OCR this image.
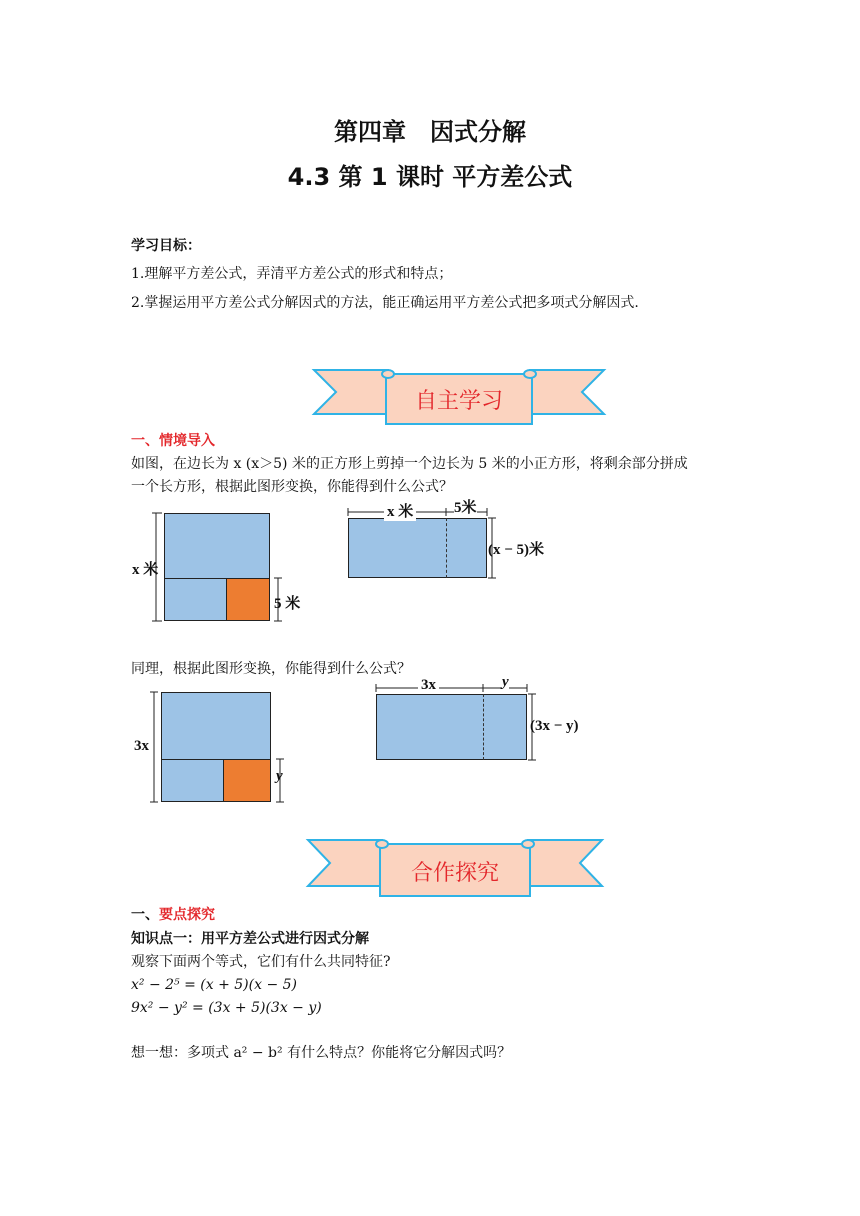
第四章　因式分解
4.3 第 1 课时 平方差公式
学习目标：
1.理解平方差公式，弄清平方差公式的形式和特点；
2.掌握运用平方差公式分解因式的方法，能正确运用平方差公式把多项式分解因式.
自主学习
一、情境导入
如图，在边长为 x (x＞5) 米的正方形上剪掉一个边长为 5 米的小正方形，将剩余部分拼成
一个长方形，根据此图形变换，你能得到什么公式？
x 米
5 米
x 米	5米
(x − 5)米
同理，根据此图形变换，你能得到什么公式？
3x
y
3x	y
(3x − y)
合作探究
一、要点探究
知识点一：用平方差公式进行因式分解
观察下面两个等式，它们有什么共同特征?
x² − 2⁵ = (x + 5)(x − 5)
9x² − y² = (3x + 5)(3x − y)
想一想：多项式 a² − b² 有什么特点？你能将它分解因式吗？
